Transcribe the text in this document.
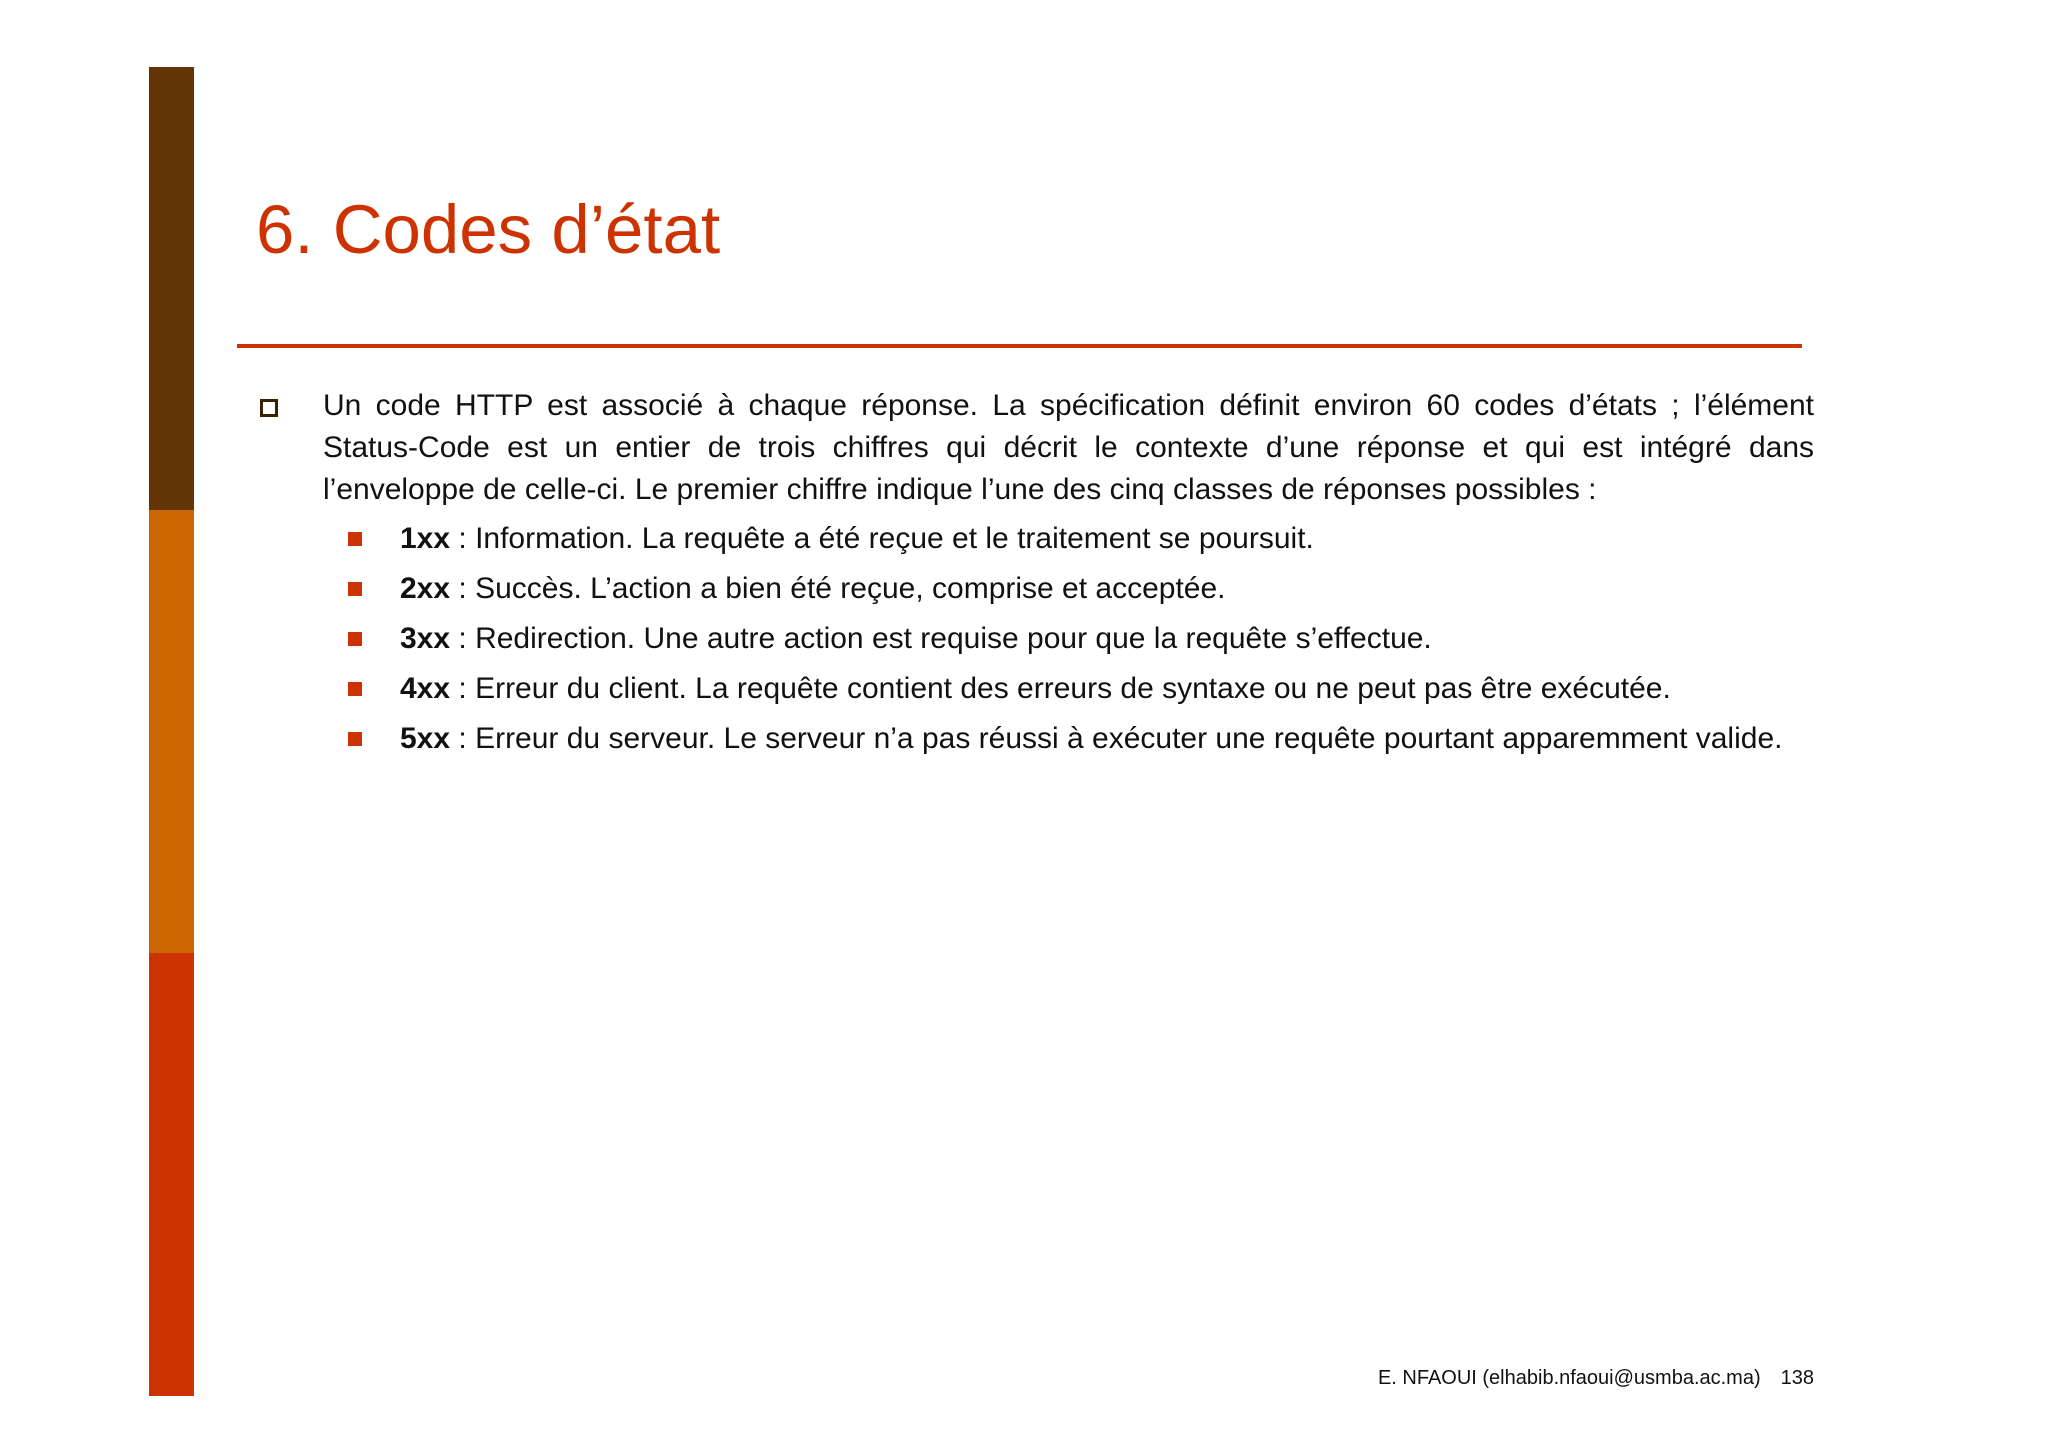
6. Codes d’état
Un code HTTP est associé à chaque réponse. La spécification définit environ 60 codes d’états ; l’élément Status-Code est un entier de trois chiffres qui décrit le contexte d’une réponse et qui est intégré dans l’enveloppe de celle-ci. Le premier chiffre indique l’une des cinq classes de réponses possibles :
1xx : Information. La requête a été reçue et le traitement se poursuit.
2xx : Succès. L’action a bien été reçue, comprise et acceptée.
3xx : Redirection. Une autre action est requise pour que la requête s’effectue.
4xx : Erreur du client. La requête contient des erreurs de syntaxe ou ne peut pas être exécutée.
5xx : Erreur du serveur. Le serveur n’a pas réussi à exécuter une requête pourtant apparemment valide.
E. NFAOUI (elhabib.nfaoui@usmba.ac.ma) 138
